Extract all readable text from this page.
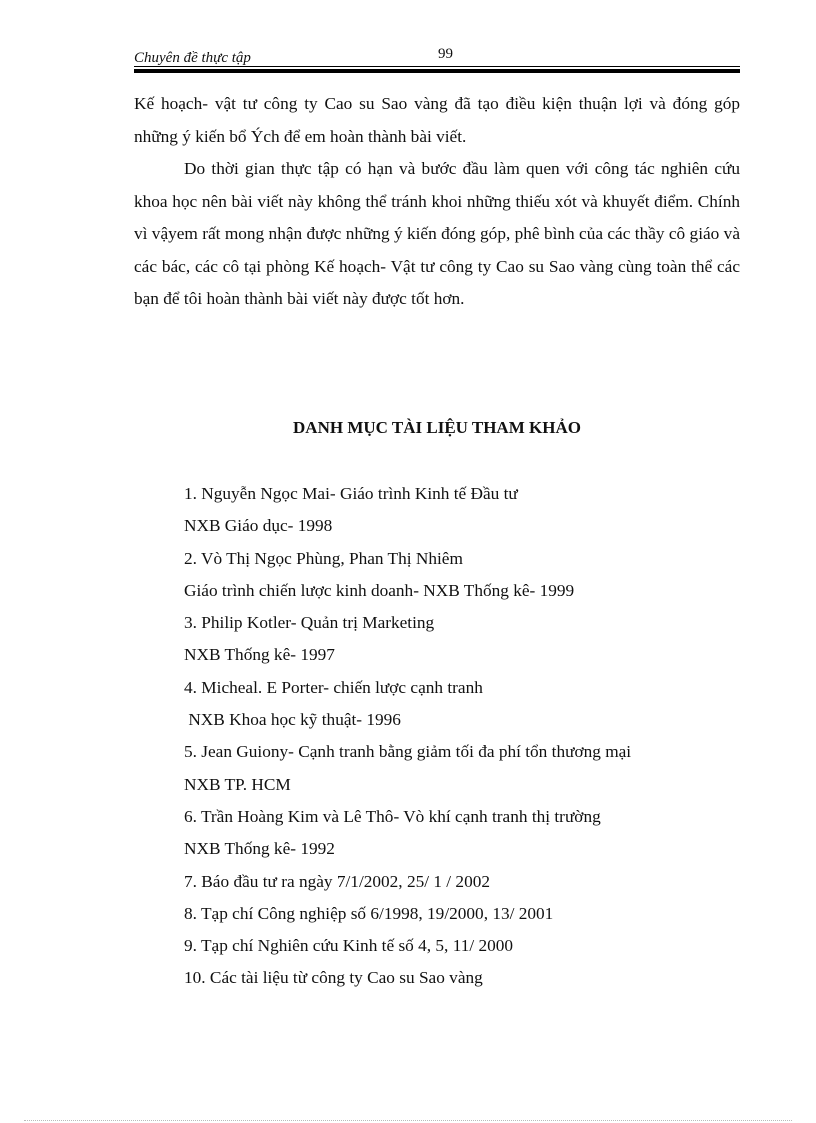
Chuyên đề thực tập	99

Kế hoạch- vật tư công ty Cao su Sao vàng đã tạo điều kiện thuận lợi và đóng góp những ý kiến bổ Ých để em hoàn thành bài viết.

Do thời gian thực tập có hạn và bước đầu làm quen với công tác nghiên cứu khoa học nên bài viết này không thể tránh khoi những thiếu xót và khuyết điểm. Chính vì vậyem rất mong nhận được những ý kiến đóng góp, phê bình của các thầy cô giáo và các bác, các cô tại phòng Kế hoạch- Vật tư công ty Cao su Sao vàng cùng toàn thể các bạn để tôi hoàn thành bài viết này được tốt hơn.

DANH MỤC TÀI LIỆU THAM KHẢO
1. Nguyễn Ngọc Mai- Giáo trình Kinh tế Đầu tư
NXB Giáo dục- 1998
2. Vò Thị Ngọc Phùng, Phan Thị Nhiêm
Giáo trình chiến lược kinh doanh- NXB Thống kê- 1999
3. Philip Kotler- Quản trị Marketing
NXB Thống kê- 1997
4. Micheal. E Porter- chiến lược cạnh tranh
NXB Khoa học kỹ thuật- 1996
5. Jean Guiony- Cạnh tranh bằng giảm tối đa phí tổn thương mại
NXB TP. HCM
6. Trần Hoàng Kim và Lê Thô- Vò khí cạnh tranh thị trường
NXB Thống kê- 1992
7. Báo đầu tư ra ngày 7/1/2002, 25/ 1 / 2002
8. Tạp chí Công nghiệp số 6/1998, 19/2000, 13/ 2001
9. Tạp chí Nghiên cứu Kinh tế số 4, 5, 11/ 2000
10. Các tài liệu từ công ty Cao su Sao vàng
